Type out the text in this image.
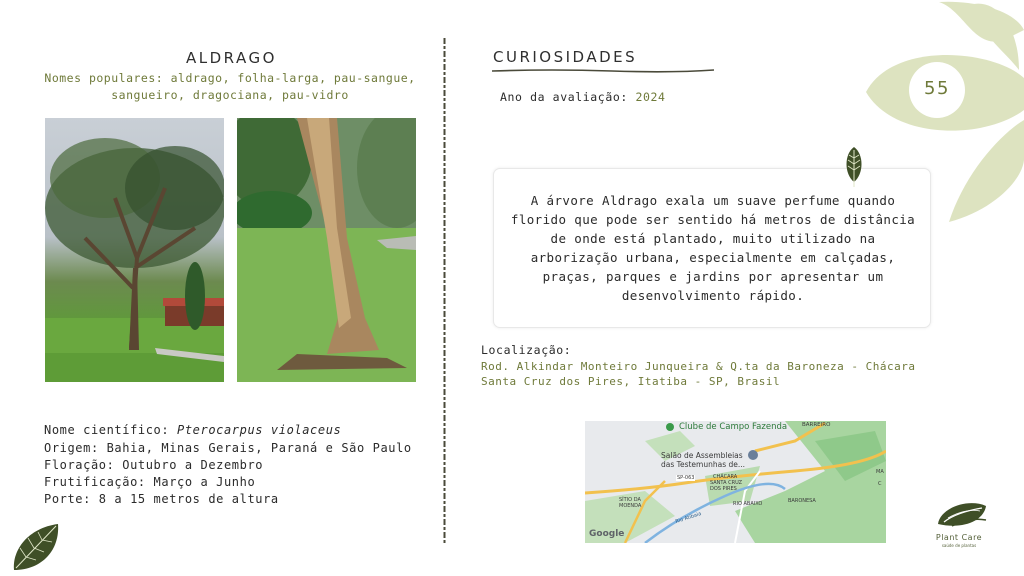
ALDRAGO
Nomes populares: aldrago, folha-larga, pau-sangue,
sangueiro, dragociana, pau-vidro
Nome científico: Pterocarpus violaceus
Origem: Bahia, Minas Gerais, Paraná e São Paulo
Floração: Outubro a Dezembro
Frutificação: Março a Junho
Porte: 8 a 15 metros de altura
CURIOSIDADES
Ano da avaliação: 2024

A árvore Aldrago exala um suave perfume quando florido que pode ser sentido há metros de distância de onde está plantado, muito utilizado na arborização urbana, especialmente em calçadas, praças, parques e jardins por apresentar um desenvolvimento rápido.

Localização:
Rod. Alkindar Monteiro Junqueira & Q.ta da Baroneza - Chácara Santa Cruz dos Pires, Itatiba - SP, Brasil
Clube de Campo Fazenda	BARREIRO
Salão de Assembleias
das Testemunhas de...
SP-063	CHÁCARA
SANTA CRUZ
DOS PIRES
SÍTIO DA
MOENDA	RIO ABAIXO	BARONESA
Rio Atibaia
MA
C
Google
55
Plant Care
saúde de plantas
